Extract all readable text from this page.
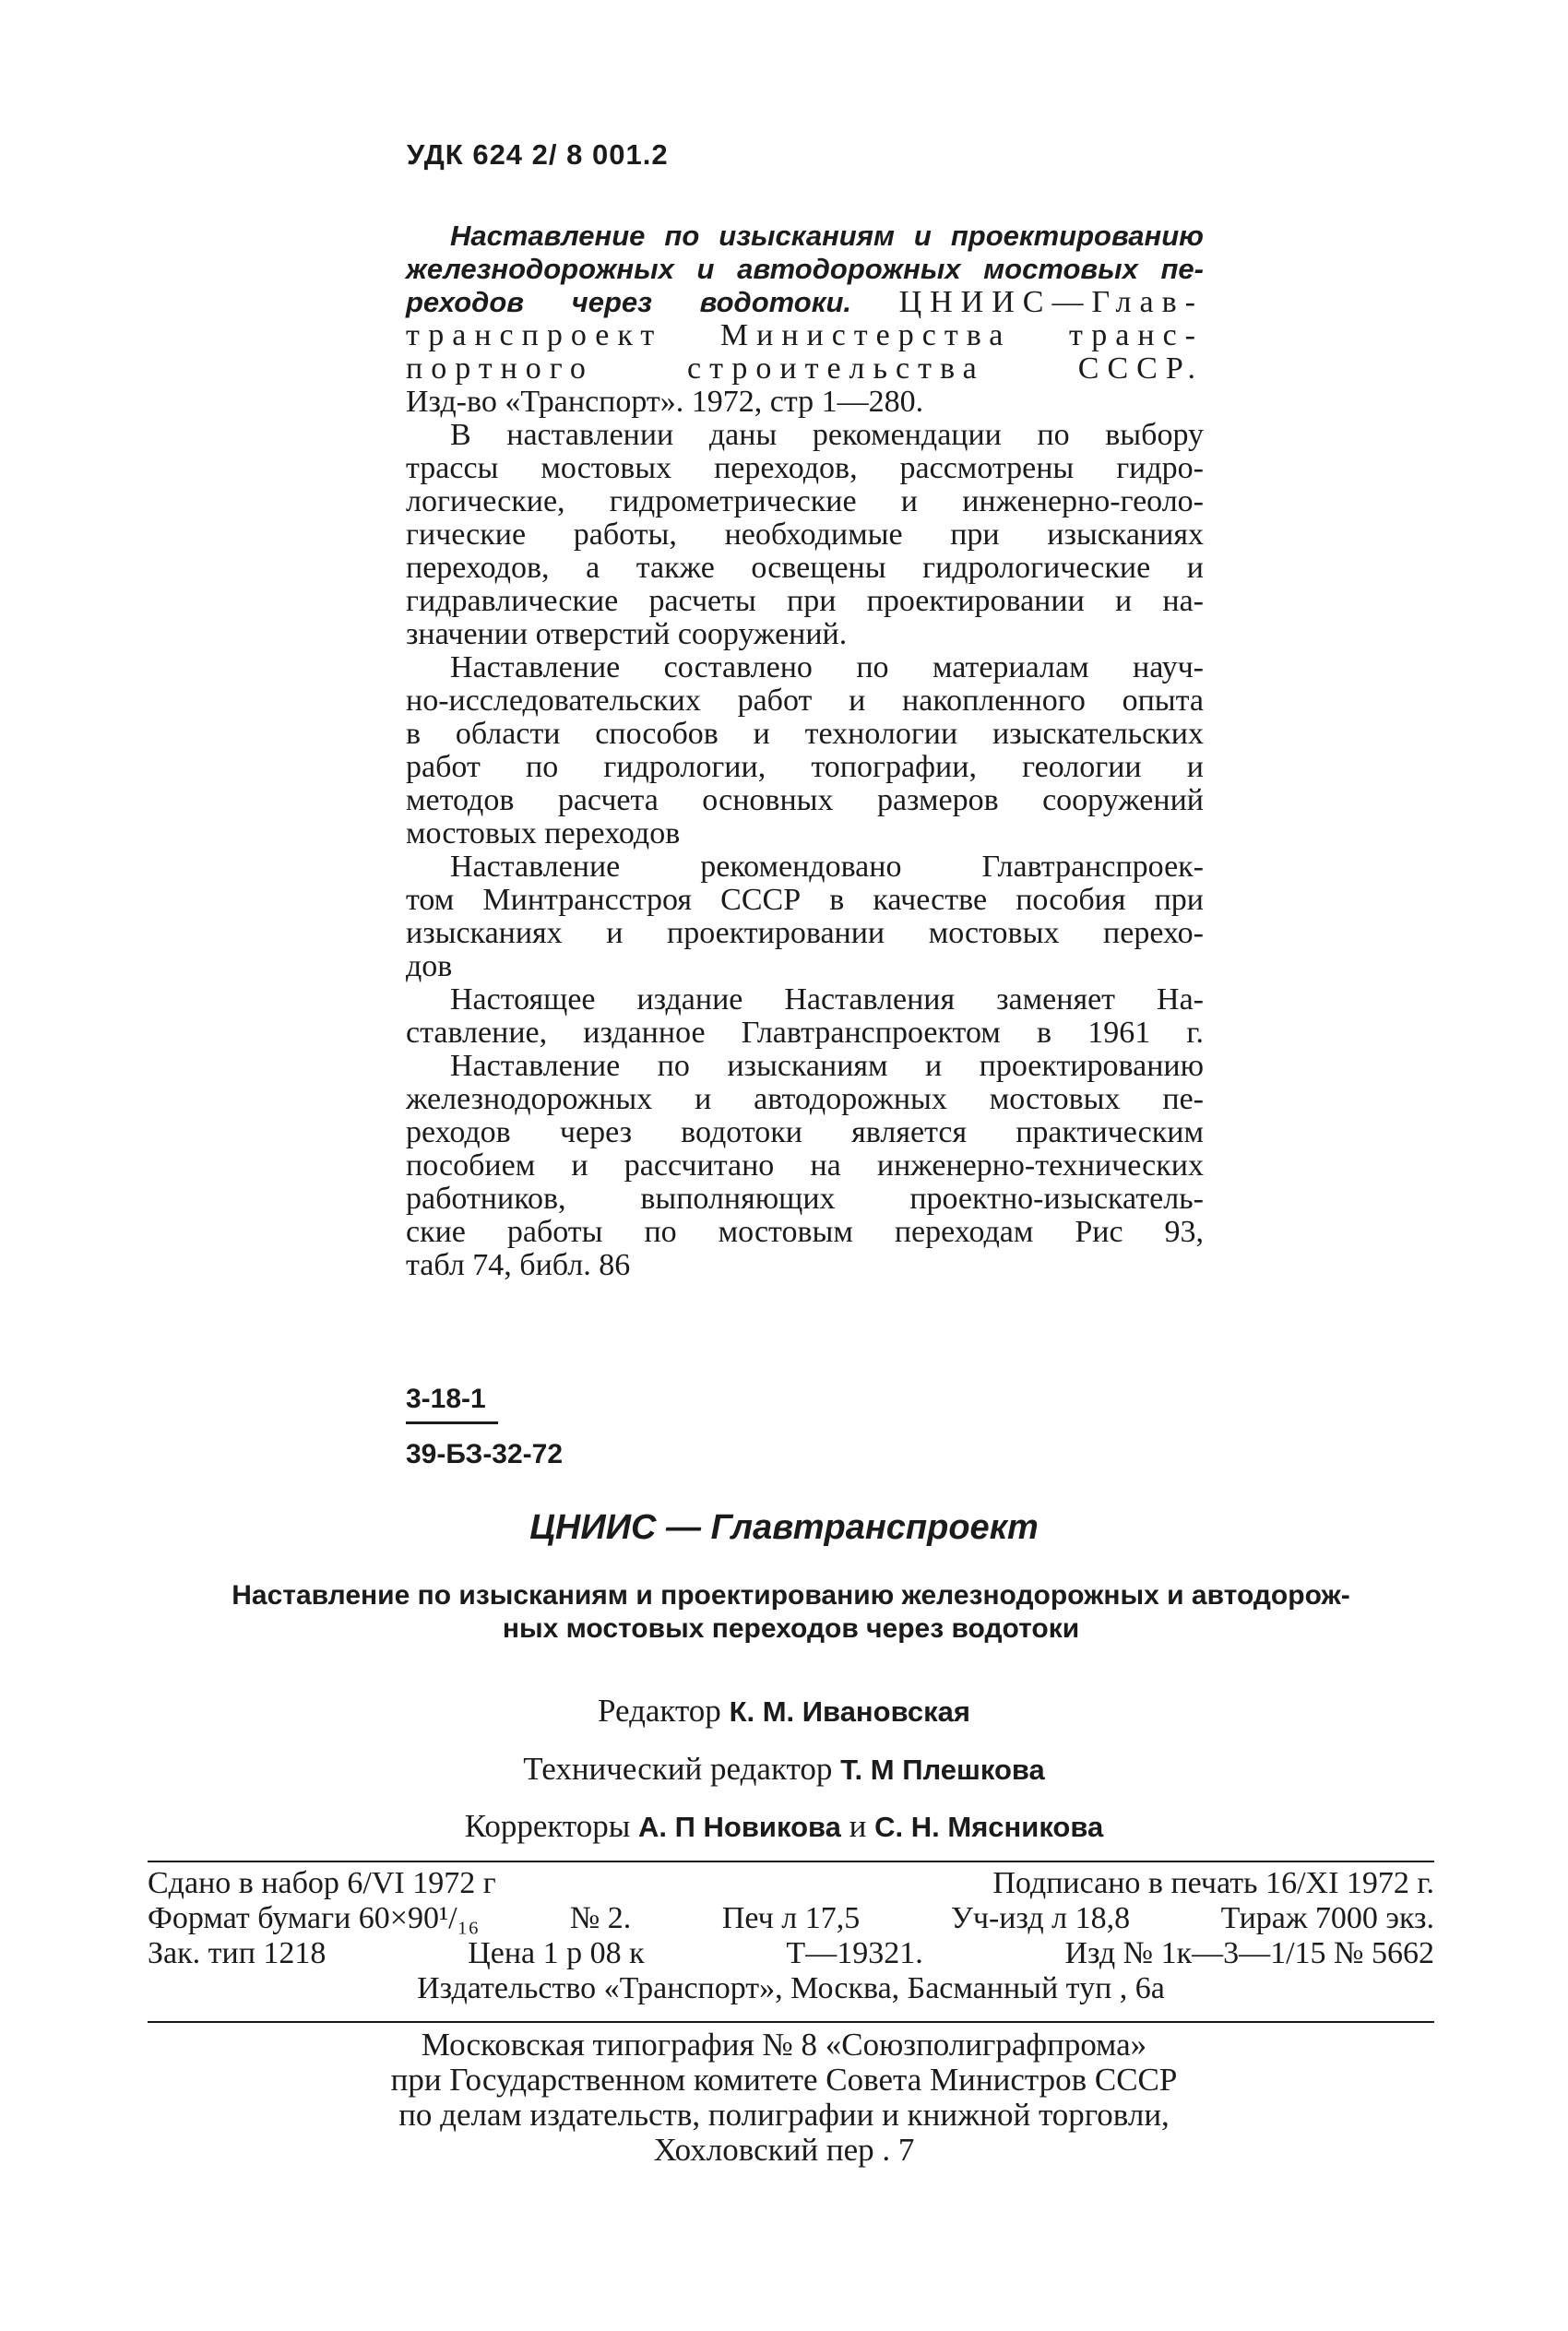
УДК 624 2/ 8 001.2

Наставление по изысканиям и проектированию

железнодорожных и автодорожных мостовых пе-

реходов через водотоки. ЦНИИС—Глав-

транспроект Министерства транс-

портного строительства СССР.

Изд-во «Транспорт». 1972, стр 1—280.

В наставлении даны рекомендации по выбору

трассы мостовых переходов, рассмотрены гидро-

логические, гидрометрические и инженерно-геоло-

гические работы, необходимые при изысканиях

переходов, а также освещены гидрологические и

гидравлические расчеты при проектировании и на-

значении отверстий сооружений.

Наставление составлено по материалам науч-

но-исследовательских работ и накопленного опыта

в области способов и технологии изыскательских

работ по гидрологии, топографии, геологии и

методов расчета основных размеров сооружений

мостовых переходов

Наставление рекомендовано Главтранспроек-

том Минтрансстроя СССР в качестве пособия при

изысканиях и проектировании мостовых перехо-

дов

Настоящее издание Наставления заменяет На-

ставление, изданное Главтранспроектом в 1961 г.

Наставление по изысканиям и проектированию

железнодорожных и автодорожных мостовых пе-

реходов через водотоки является практическим

пособием и рассчитано на инженерно-технических

работников, выполняющих проектно-изыскатель-

ские работы по мостовым переходам Рис 93,

табл 74, библ. 86

3-18-1
39-БЗ-32-72
ЦНИИС — Главтранспроект
Наставление по изысканиям и проектированию железнодорожных и автодорож-
ных мостовых переходов через водотоки
Редактор К. М. Ивановская
Технический редактор Т. М Плешкова
Корректоры А. П Новикова и С. Н. Мясникова
Сдано в набор 6/VI 1972 г	Подписано в печать 16/XI 1972 г.
Формат бумаги 60×90¹/₁₆	№ 2.	Печ л 17,5	Уч-изд л 18,8	Тираж 7000 экз.
Зак. тип 1218	Цена 1 р 08 к	Т—19321.	Изд № 1к—3—1/15 № 5662
Издательство «Транспорт», Москва, Басманный туп , 6а
Московская типография № 8 «Союзполиграфпрома»
при Государственном комитете Совета Министров СССР
по делам издательств, полиграфии и книжной торговли,
Хохловский пер . 7
